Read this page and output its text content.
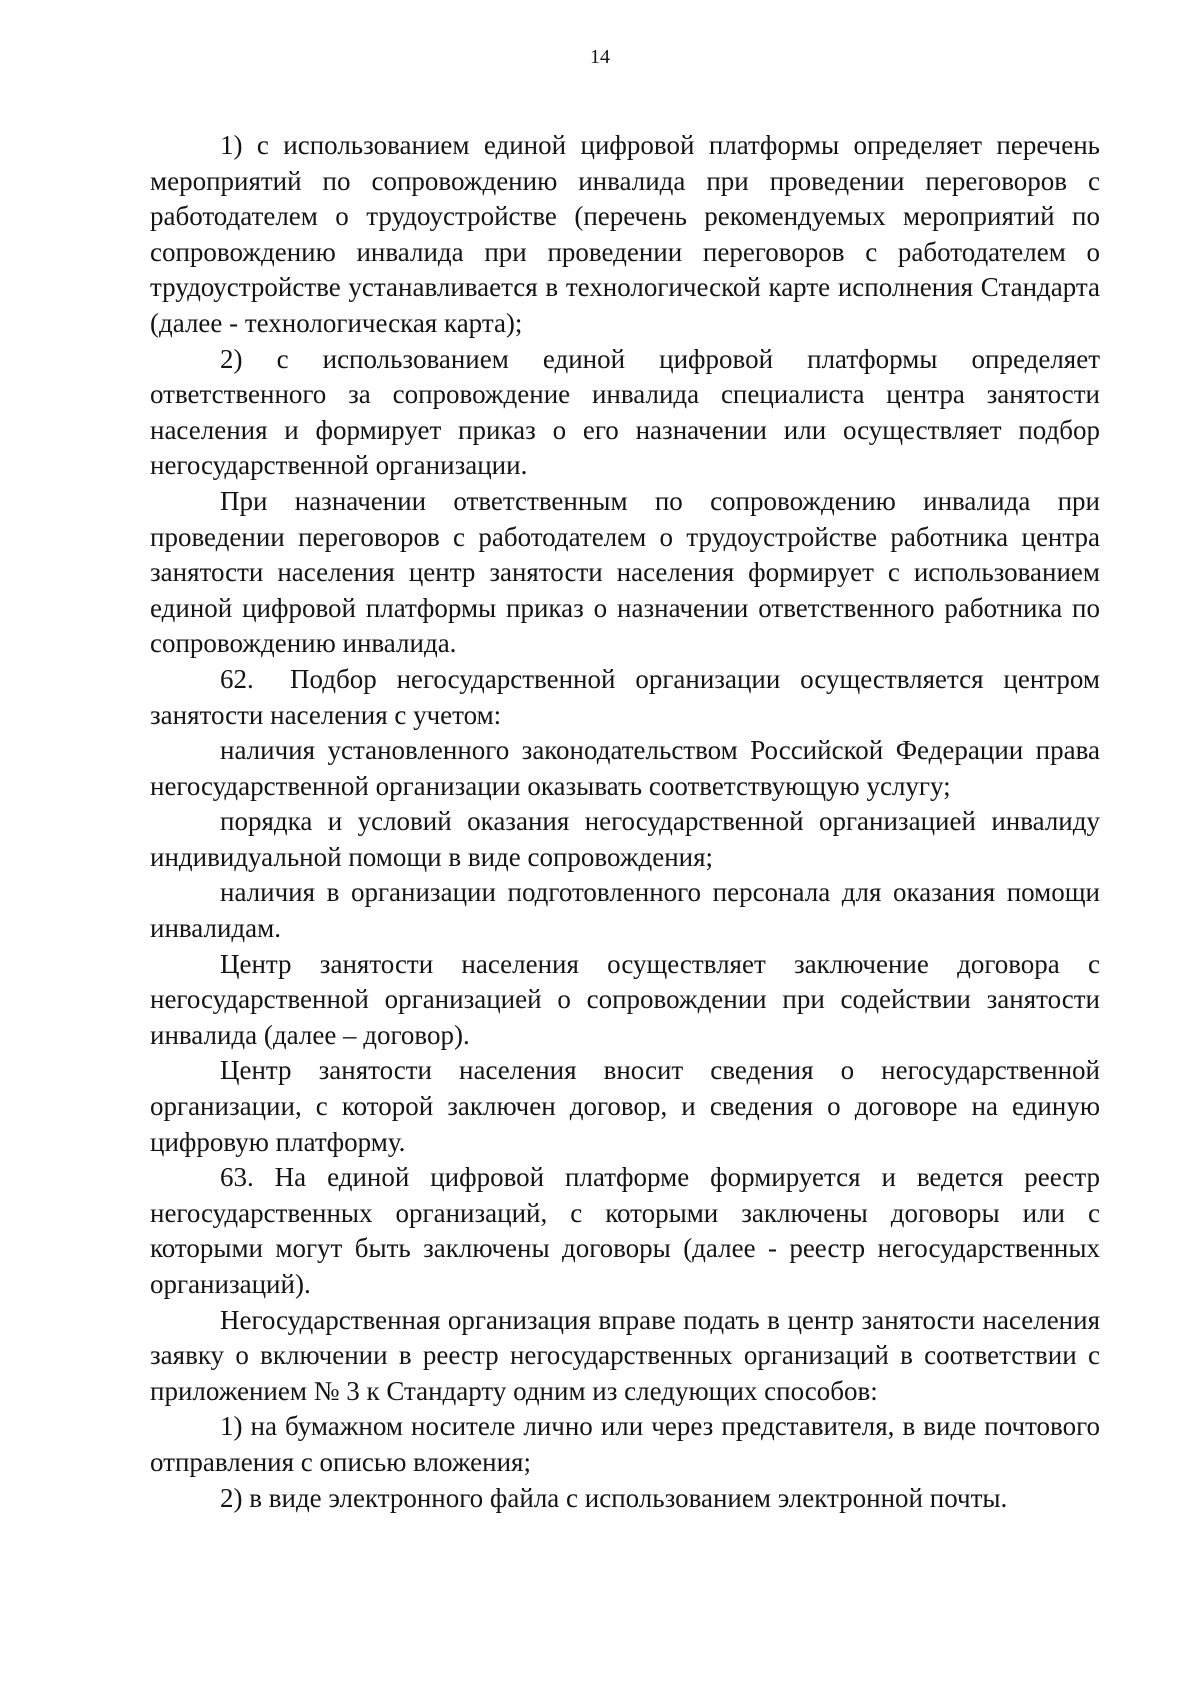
14

1) с использованием единой цифровой платформы определяет перечень мероприятий по сопровождению инвалида при проведении переговоров с работодателем о трудоустройстве (перечень рекомендуемых мероприятий по сопровождению инвалида при проведении переговоров с работодателем о трудоустройстве устанавливается в технологической карте исполнения Стандарта (далее - технологическая карта);

2) с использованием единой цифровой платформы определяет ответственного за сопровождение инвалида специалиста центра занятости населения и формирует приказ о его назначении или осуществляет подбор негосударственной организации.

При назначении ответственным по сопровождению инвалида при проведении переговоров с работодателем о трудоустройстве работника центра занятости населения центр занятости населения формирует с использованием единой цифровой платформы приказ о назначении ответственного работника по сопровождению инвалида.

62. Подбор негосударственной организации осуществляется центром занятости населения с учетом:

наличия установленного законодательством Российской Федерации права негосударственной организации оказывать соответствующую услугу;

порядка и условий оказания негосударственной организацией инвалиду индивидуальной помощи в виде сопровождения;

наличия в организации подготовленного персонала для оказания помощи инвалидам.

Центр занятости населения осуществляет заключение договора с негосударственной организацией о сопровождении при содействии занятости инвалида (далее – договор).

Центр занятости населения вносит сведения о негосударственной организации, с которой заключен договор, и сведения о договоре на единую цифровую платформу.

63. На единой цифровой платформе формируется и ведется реестр негосударственных организаций, с которыми заключены договоры или с которыми могут быть заключены договоры (далее - реестр негосударственных организаций).

Негосударственная организация вправе подать в центр занятости населения заявку о включении в реестр негосударственных организаций в соответствии с приложением № 3 к Стандарту одним из следующих способов:

1) на бумажном носителе лично или через представителя, в виде почтового отправления с описью вложения;

2) в виде электронного файла с использованием электронной почты.
